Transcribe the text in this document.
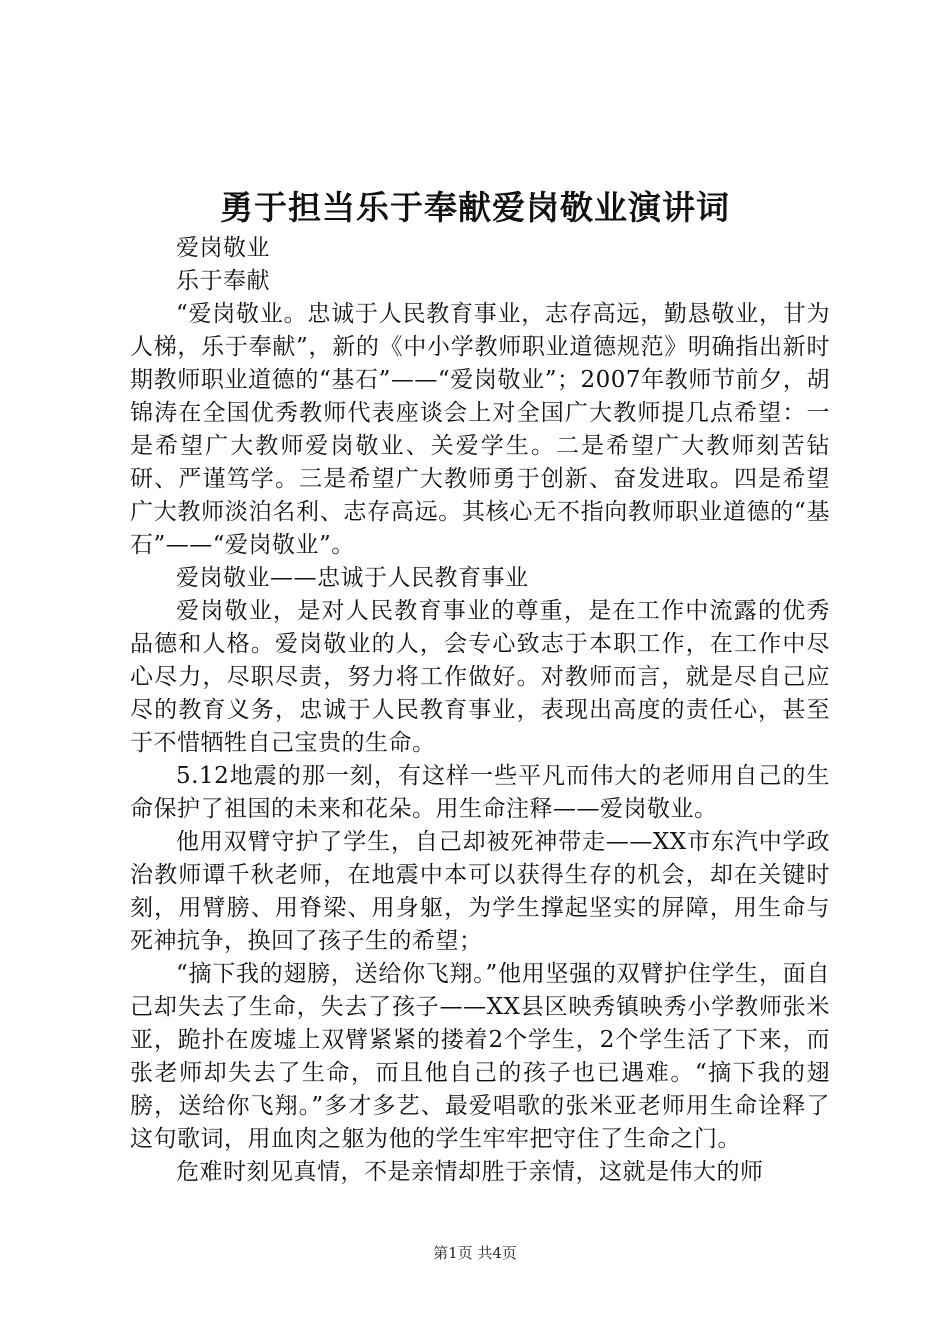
勇于担当乐于奉献爱岗敬业演讲词

爱岗敬业

乐于奉献

“爱岗敬业。忠诚于人民教育事业，志存高远，勤恳敬业，甘为人梯，乐于奉献”，新的《中小学教师职业道德规范》明确指出新时期教师职业道德的“基石”——“爱岗敬业”；2007年教师节前夕，胡锦涛在全国优秀教师代表座谈会上对全国广大教师提几点希望：一是希望广大教师爱岗敬业、关爱学生。二是希望广大教师刻苦钻研、严谨笃学。三是希望广大教师勇于创新、奋发进取。四是希望广大教师淡泊名利、志存高远。其核心无不指向教师职业道德的“基石”——“爱岗敬业”。

爱岗敬业——忠诚于人民教育事业

爱岗敬业，是对人民教育事业的尊重，是在工作中流露的优秀品德和人格。爱岗敬业的人，会专心致志于本职工作，在工作中尽心尽力，尽职尽责，努力将工作做好。对教师而言，就是尽自己应尽的教育义务，忠诚于人民教育事业，表现出高度的责任心，甚至于不惜牺牲自己宝贵的生命。

5.12地震的那一刻，有这样一些平凡而伟大的老师用自己的生命保护了祖国的未来和花朵。用生命注释——爱岗敬业。

他用双臂守护了学生，自己却被死神带走——XX市东汽中学政治教师谭千秋老师，在地震中本可以获得生存的机会，却在关键时刻，用臂膀、用脊梁、用身躯，为学生撑起坚实的屏障，用生命与死神抗争，换回了孩子生的希望；

“摘下我的翅膀，送给你飞翔。”他用坚强的双臂护住学生，面自己却失去了生命，失去了孩子——XX县区映秀镇映秀小学教师张米亚，跪扑在废墟上双臂紧紧的搂着2个学生，2个学生活了下来，而张老师却失去了生命，而且他自己的孩子也已遇难。“摘下我的翅膀，送给你飞翔。”多才多艺、最爱唱歌的张米亚老师用生命诠释了这句歌词，用血肉之躯为他的学生牢牢把守住了生命之门。

危难时刻见真情，不是亲情却胜于亲情，这就是伟大的师

第1页 共4页
